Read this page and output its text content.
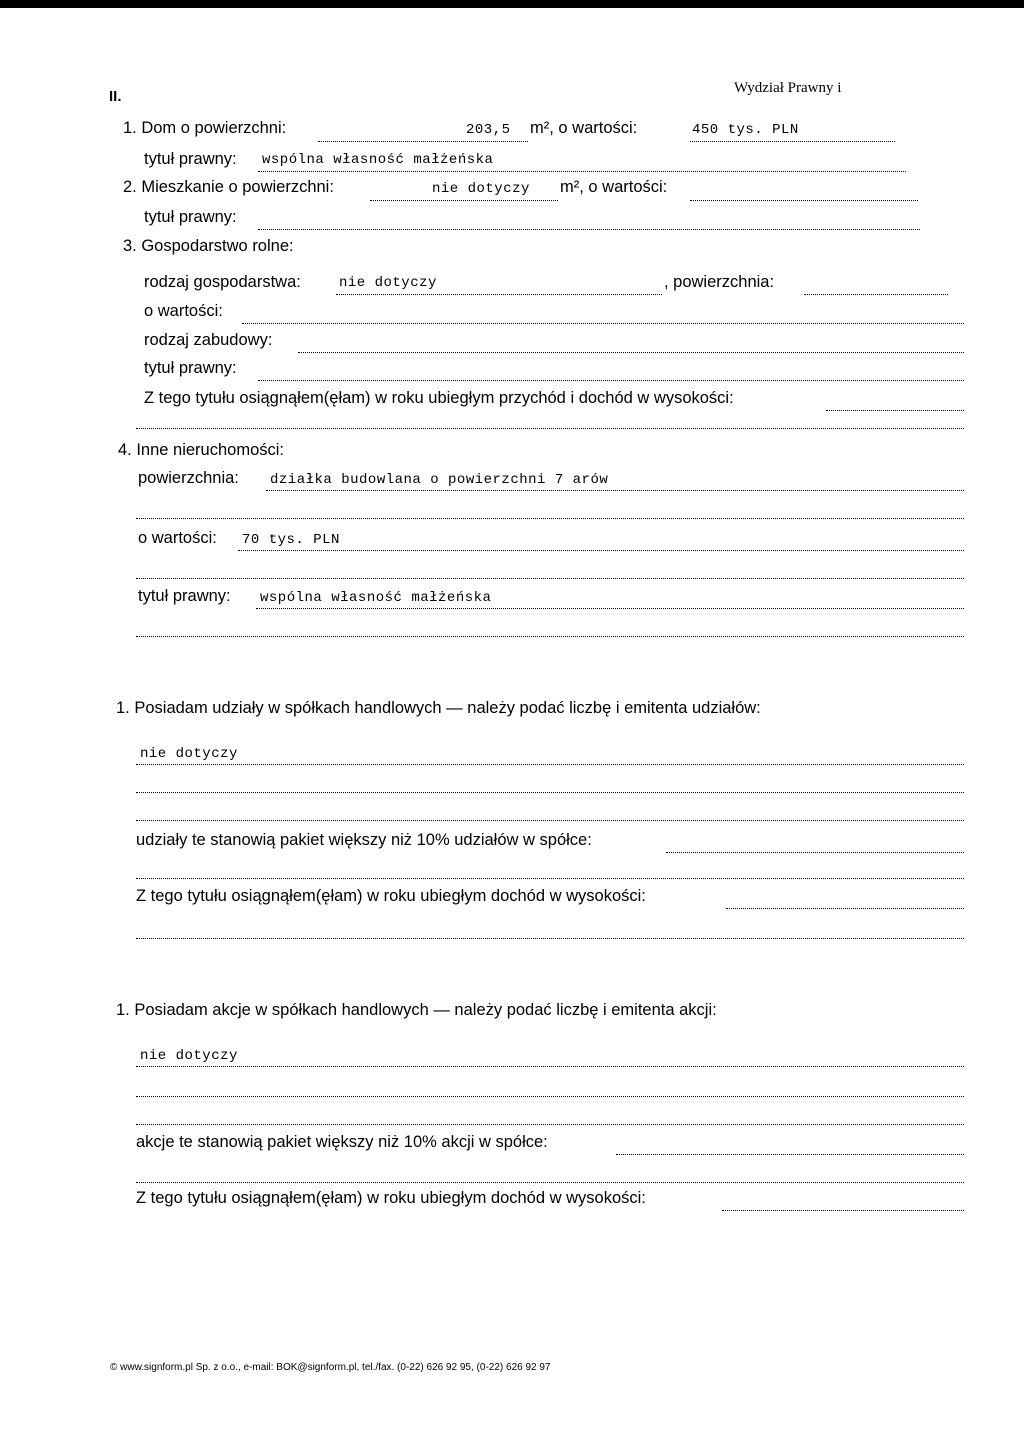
II.	Wydział Prawny i
1. Dom o powierzchni:	203,5 m², o wartości:	450 tys. PLN
tytuł prawny: wspólna własność małżeńska
2. Mieszkanie o powierzchni:	nie dotyczy m², o wartości:
tytuł prawny:
3. Gospodarstwo rolne:
rodzaj gospodarstwa:	nie dotyczy	, powierzchnia:
o wartości:
rodzaj zabudowy:
tytuł prawny:
Z tego tytułu osiągnąłem(ęłam) w roku ubiegłym przychód i dochód w wysokości:
4. Inne nieruchomości:
powierzchnia: działka budowlana o powierzchni 7 arów
o wartości: 70 tys. PLN
tytuł prawny: wspólna własność małżeńska
1. Posiadam udziały w spółkach handlowych — należy podać liczbę i emitenta udziałów:
nie dotyczy
udziały te stanowią pakiet większy niż 10% udziałów w spółce:
Z tego tytułu osiągnąłem(ęłam) w roku ubiegłym dochód w wysokości:
1. Posiadam akcje w spółkach handlowych — należy podać liczbę i emitenta akcji:
nie dotyczy
akcje te stanowią pakiet większy niż 10% akcji w spółce:
Z tego tytułu osiągnąłem(ęłam) w roku ubiegłym dochód w wysokości:
© www.signform.pl Sp. z o.o., e-mail: BOK@signform.pl, tel./fax. (0-22) 626 92 95, (0-22) 626 92 97
